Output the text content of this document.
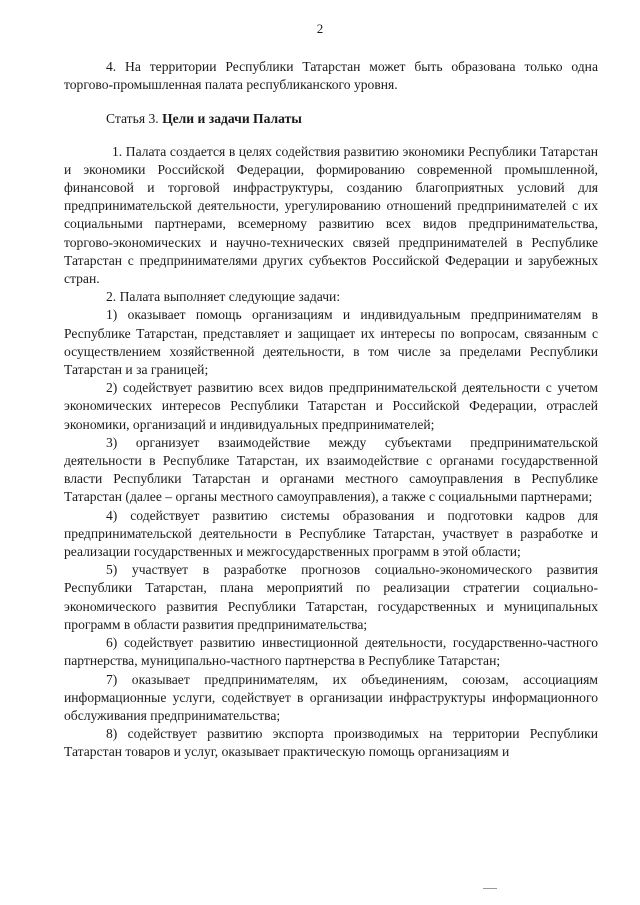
2

4. На территории Республики Татарстан может быть образована только одна торгово-промышленная палата республиканского уровня.

Статья 3. Цели и задачи Палаты

1. Палата создается в целях содействия развитию экономики Республики Татарстан и экономики Российской Федерации, формированию современной промышленной, финансовой и торговой инфраструктуры, созданию благоприятных условий для предпринимательской деятельности, урегулированию отношений предпринимателей с их социальными партнерами, всемерному развитию всех видов предпринимательства, торгово-экономических и научно-технических связей предпринимателей в Республике Татарстан с предпринимателями других субъектов Российской Федерации и зарубежных стран.

2. Палата выполняет следующие задачи:

1) оказывает помощь организациям и индивидуальным предпринимателям в Республике Татарстан, представляет и защищает их интересы по вопросам, связанным с осуществлением хозяйственной деятельности, в том числе за пределами Республики Татарстан и за границей;

2) содействует развитию всех видов предпринимательской деятельности с учетом экономических интересов Республики Татарстан и Российской Федерации, отраслей экономики, организаций и индивидуальных предпринимателей;

3) организует взаимодействие между субъектами предпринимательской деятельности в Республике Татарстан, их взаимодействие с органами государственной власти Республики Татарстан и органами местного самоуправления в Республике Татарстан (далее – органы местного самоуправления), а также с социальными партнерами;

4) содействует развитию системы образования и подготовки кадров для предпринимательской деятельности в Республике Татарстан, участвует в разработке и реализации государственных и межгосударственных программ в этой области;

5) участвует в разработке прогнозов социально-экономического развития Республики Татарстан, плана мероприятий по реализации стратегии социально-экономического развития Республики Татарстан, государственных и муниципальных программ в области развития предпринимательства;

6) содействует развитию инвестиционной деятельности, государственно-частного партнерства, муниципально-частного партнерства в Республике Татарстан;

7) оказывает предпринимателям, их объединениям, союзам, ассоциациям информационные услуги, содействует в организации инфраструктуры информационного обслуживания предпринимательства;

8) содействует развитию экспорта производимых на территории Республики Татарстан товаров и услуг, оказывает практическую помощь организациям и
